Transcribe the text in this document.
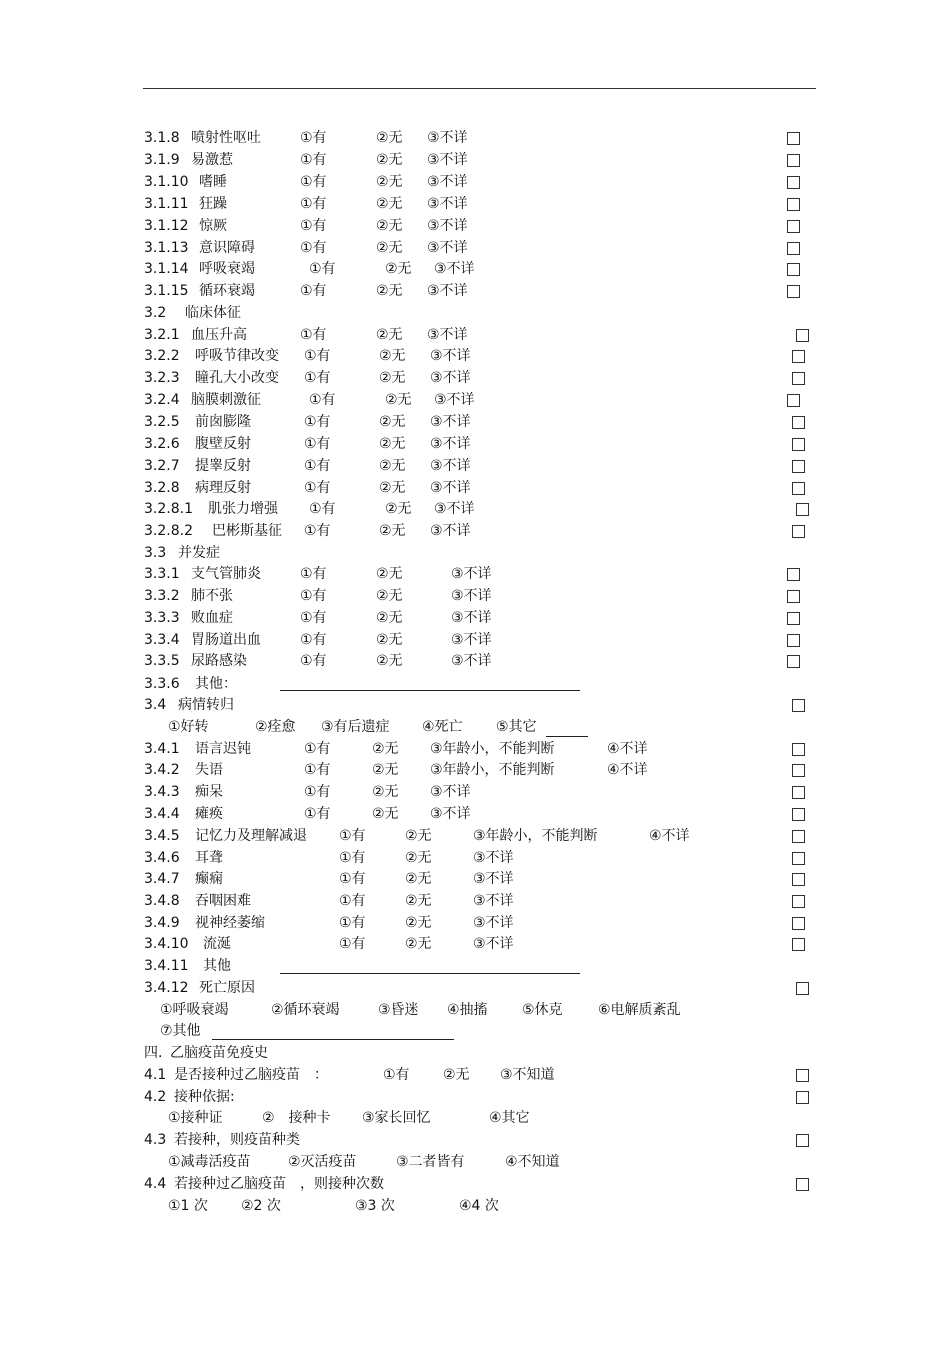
3.1.8 喷射性呕吐	①有	②无 ③不详
3.1.9 易激惹	①有	②无 ③不详
3.1.10 嗜睡	①有	②无 ③不详
3.1.11 狂躁	①有	②无 ③不详
3.1.12 惊厥	①有	②无 ③不详
3.1.13 意识障碍	①有	②无 ③不详
3.1.14 呼吸衰竭	①有	②无 ③不详
3.1.15 循环衰竭	①有	②无 ③不详
3.2 临床体征
3.2.1 血压升高	①有	②无 ③不详
3.2.2 呼吸节律改变 ①有	②无 ③不详
3.2.3 瞳孔大小改变 ①有	②无 ③不详
3.2.4 脑膜刺激征	①有	②无 ③不详
3.2.5 前囱膨隆	①有	②无 ③不详
3.2.6 腹壁反射	①有	②无 ③不详
3.2.7 提睾反射	①有	②无 ③不详
3.2.8 病理反射	①有	②无 ③不详
3.2.8.1 肌张力增强 ①有	②无 ③不详
3.2.8.2 巴彬斯基征 ①有	②无 ③不详
3.3 并发症
3.3.1 支气管肺炎	①有	②无	③不详
3.3.2 肺不张	①有	②无	③不详
3.3.3 败血症	①有	②无	③不详
3.3.4 胃肠道出血	①有	②无	③不详
3.3.5 尿路感染	①有	②无	③不详
3.3.6 其他：
3.4 病情转归
①好转	②痊愈 ③有后遗症 ④死亡 ⑤其它
3.4.1 语言迟钝	①有	②无 ③年龄小，不能判断	④不详
3.4.2 失语	①有	②无 ③年龄小，不能判断	④不详
3.4.3 痴呆	①有	②无 ③不详
3.4.4 瘫痪	①有	②无 ③不详
3.4.5 记忆力及理解减退 ①有	②无	③年龄小，不能判断	④不详
3.4.6 耳聋	①有	②无	③不详
3.4.7 癫痫	①有	②无	③不详
3.4.8 吞咽困难	①有	②无	③不详
3.4.9 视神经萎缩	①有	②无	③不详
3.4.10 流涎	①有	②无	③不详
3.4.11 其他
3.4.12 死亡原因
①呼吸衰竭	②循环衰竭	③昏迷 ④抽搐 ⑤休克	⑥电解质紊乱
⑦其他
四. 乙脑疫苗免疫史
4.1 是否接种过乙脑疫苗　：	①有 ②无 ③不知道
4.2 接种依据:
①接种证	②　接种卡 ③家长回忆	④其它
4.3 若接种，则疫苗种类
①减毒活疫苗	②灭活疫苗	③二者皆有	④不知道
4.4 若接种过乙脑疫苗　，则接种次数
①1 次 ②2 次	③3 次	④4 次
